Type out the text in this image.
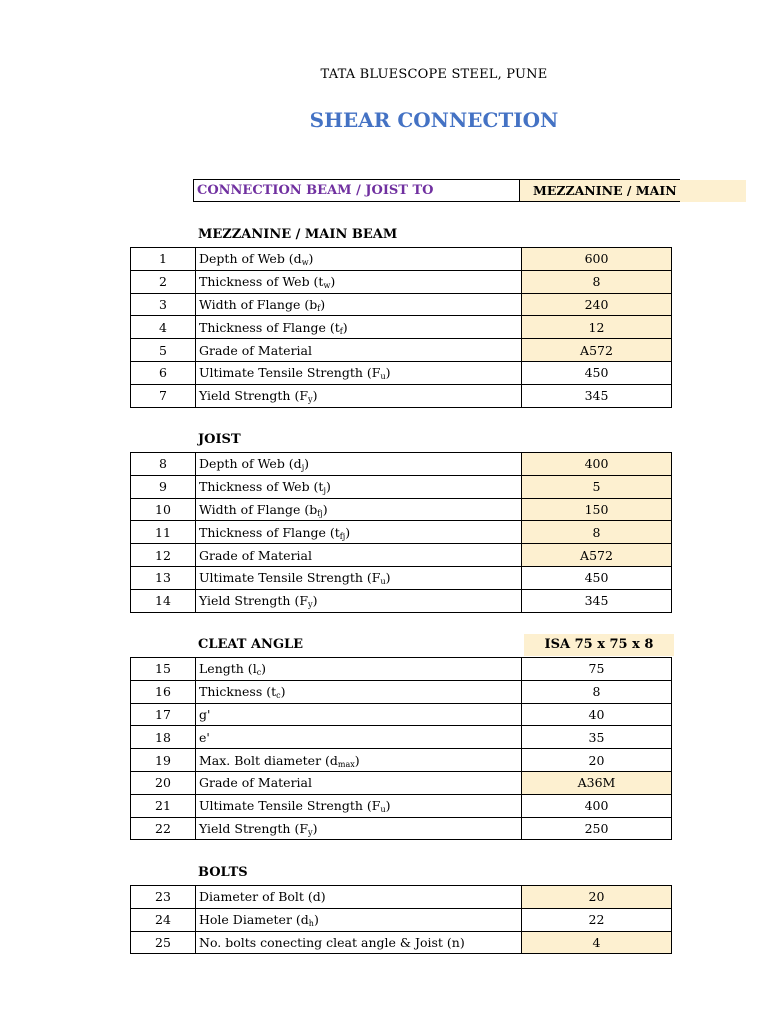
TATA BLUESCOPE STEEL, PUNE
SHEAR CONNECTION
CONNECTION BEAM / JOIST TO	MEZZANINE / MAIN	
MEZZANINE / MAIN BEAM
1	Depth of Web $(d_w)$	600
2	Thickness of Web $(t_w)$	8
3	Width of Flange $(b_f)$	240
4	Thickness of Flange $(t_f)$	12
5	Grade of Material	A572
6	Ultimate Tensile Strength $(F_u)$	450
7	Yield Strength $(F_y)$	345
JOIST
8	Depth of Web $(d_j)$	400
9	Thickness of Web $(t_j)$	5
10	Width of Flange $(b_{fj})$	150
11	Thickness of Flange $(t_{fj})$	8
12	Grade of Material	A572
13	Ultimate Tensile Strength $(F_u)$	450
14	Yield Strength $(F_y)$	345
CLEAT ANGLE	ISA 75 x 75 x 8
15	Length $(l_c)$	75
16	Thickness $(t_c)$	8
17	g'	40
18	e'	35
19	Max. Bolt diameter $(d_{max})$	20
20	Grade of Material	A36M
21	Ultimate Tensile Strength $(F_u)$	400
22	Yield Strength $(F_y)$	250
BOLTS
23	Diameter of Bolt (d)	20
24	Hole Diameter $(d_h)$	22
25	No. bolts conecting cleat angle & Joist (n)	4
